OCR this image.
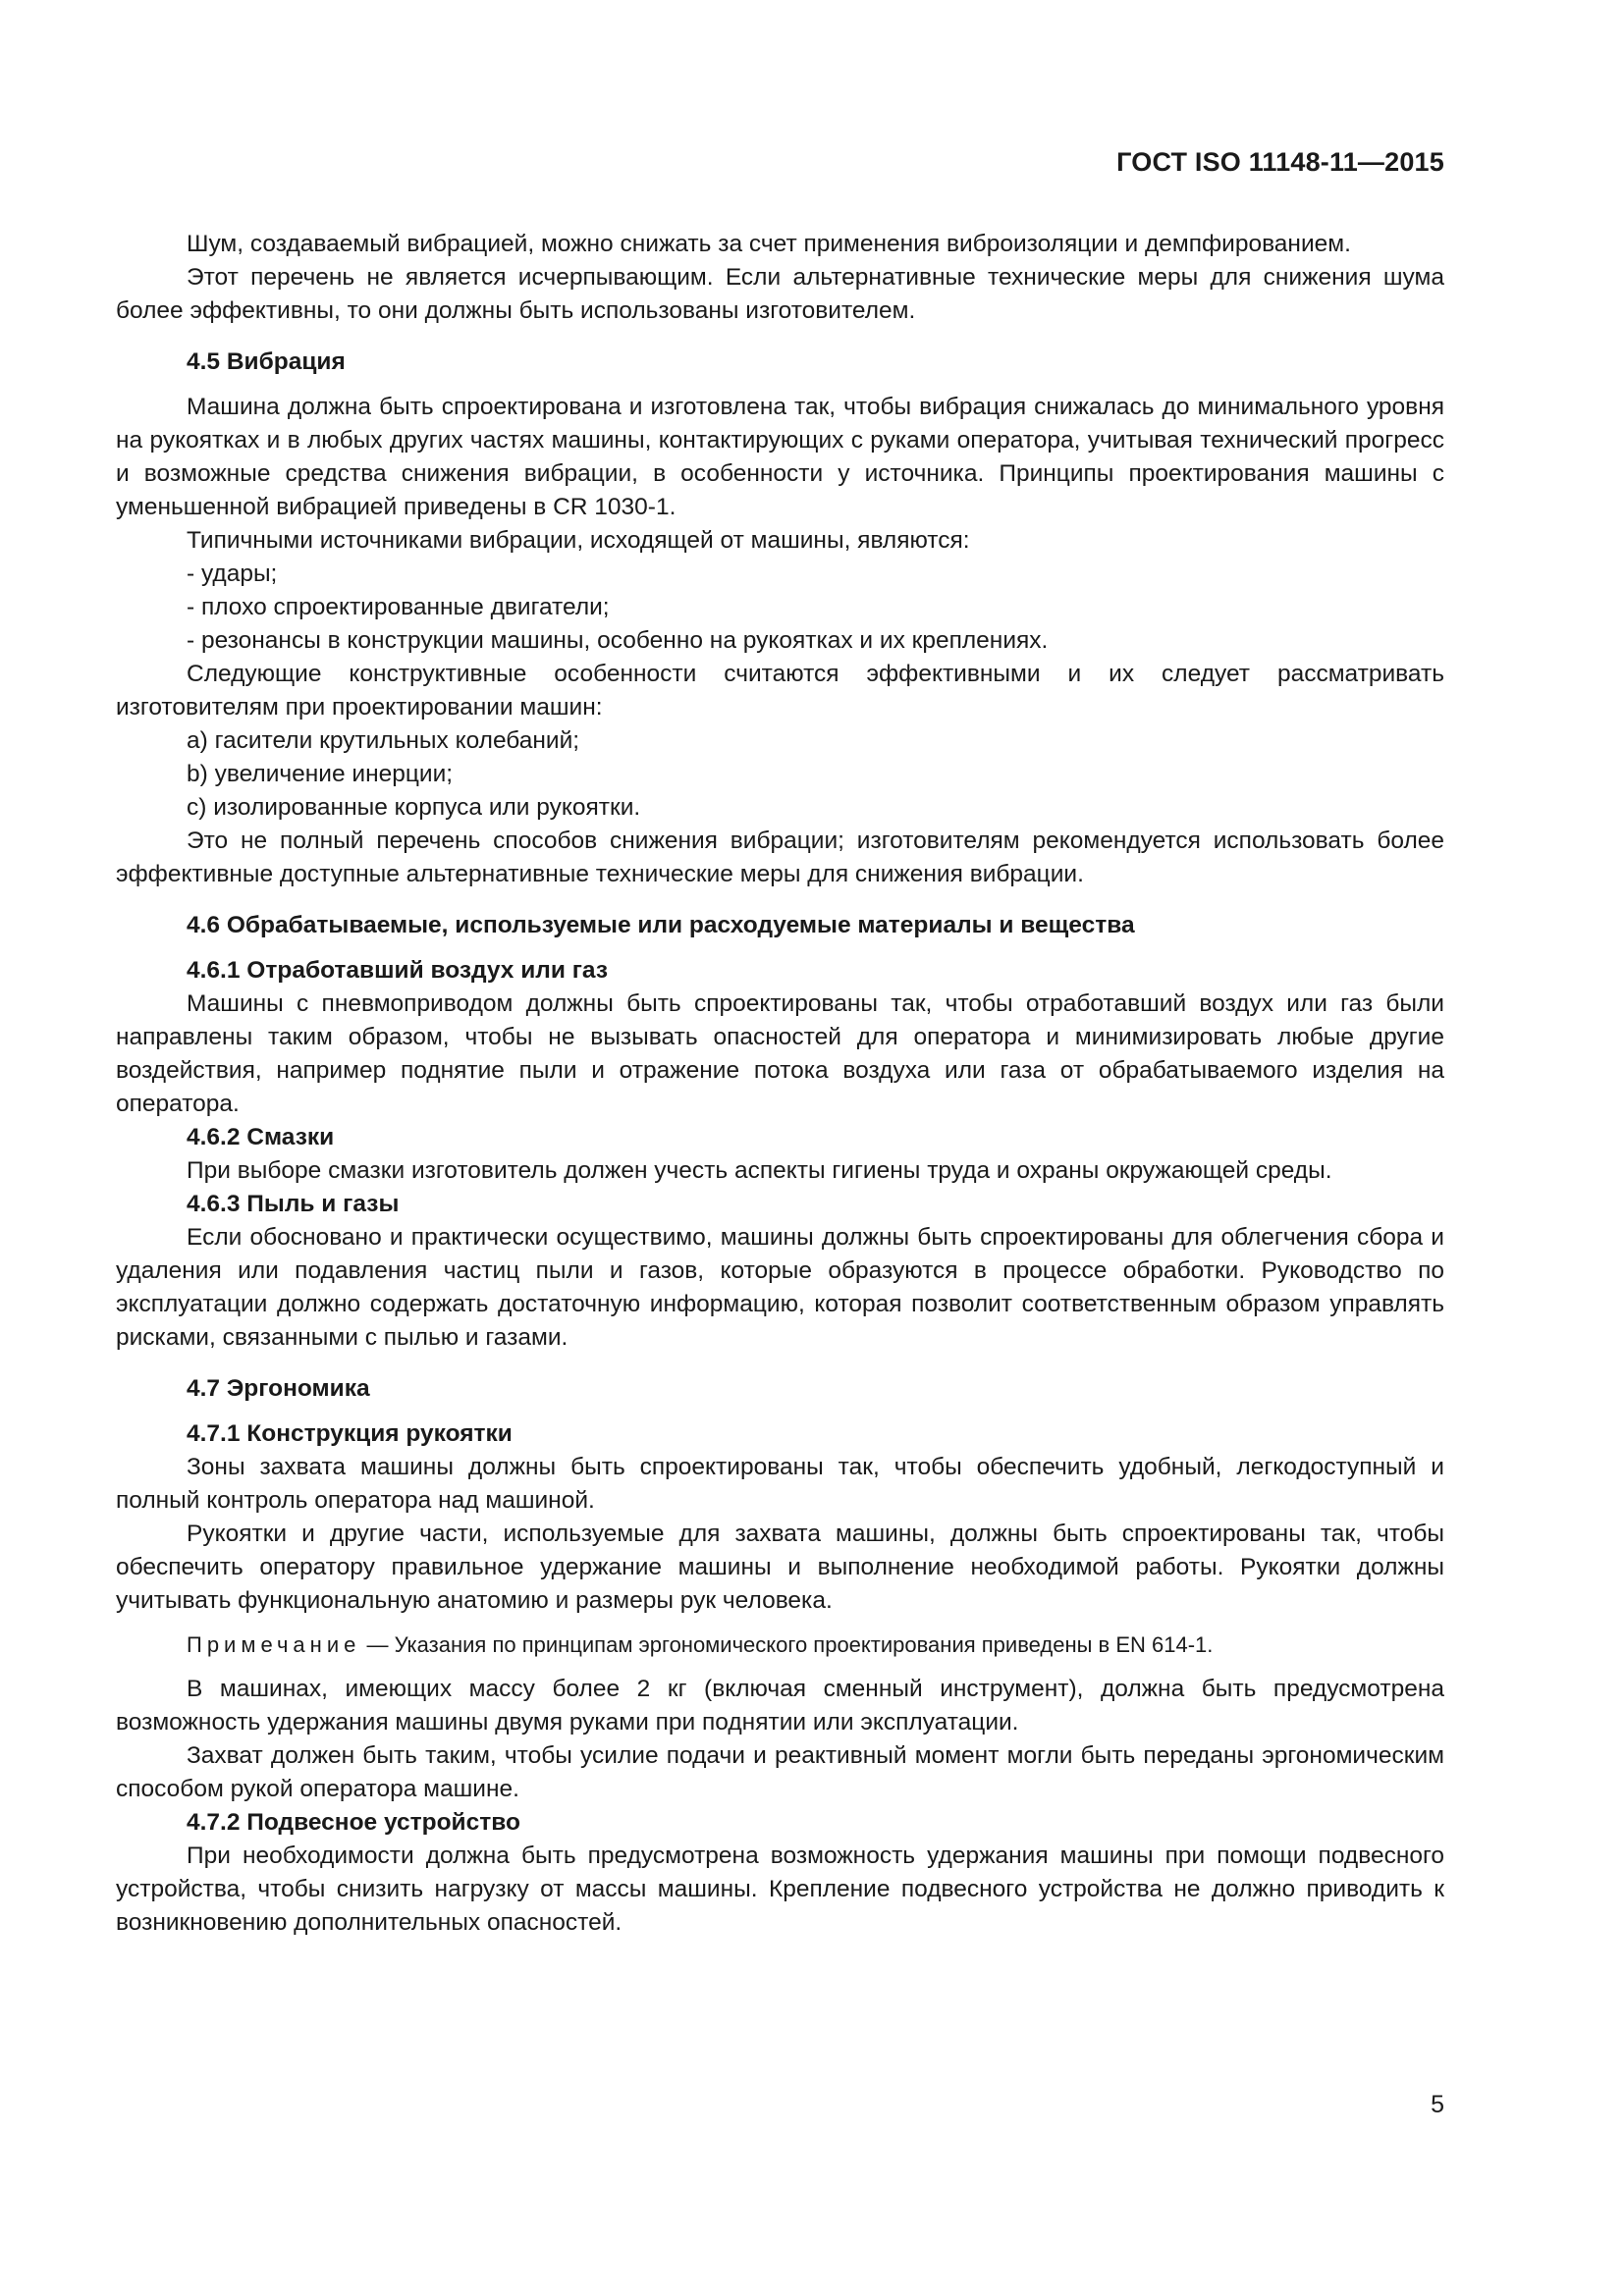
ГОСТ ISO 11148-11—2015

Шум, создаваемый вибрацией, можно снижать за счет применения виброизоляции и демпфированием.

Этот перечень не является исчерпывающим. Если альтернативные технические меры для снижения шума более эффективны, то они должны быть использованы изготовителем.

4.5 Вибрация

Машина должна быть спроектирована и изготовлена так, чтобы вибрация снижалась до минимального уровня на рукоятках и в любых других частях машины, контактирующих с руками оператора, учитывая технический прогресс и возможные средства снижения вибрации, в особенности у источника. Принципы проектирования машины с уменьшенной вибрацией приведены в CR 1030-1.

Типичными источниками вибрации, исходящей от машины, являются:

- удары;

- плохо спроектированные двигатели;

- резонансы в конструкции машины, особенно на рукоятках и их креплениях.

Следующие конструктивные особенности считаются эффективными и их следует рассматривать изготовителям при проектировании машин:

a) гасители крутильных колебаний;

b) увеличение инерции;

c) изолированные корпуса или рукоятки.

Это не полный перечень способов снижения вибрации; изготовителям рекомендуется использовать более эффективные доступные альтернативные технические меры для снижения вибрации.

4.6 Обрабатываемые, используемые или расходуемые материалы и вещества
4.6.1 Отработавший воздух или газ

Машины с пневмоприводом должны быть спроектированы так, чтобы отработавший воздух или газ были направлены таким образом, чтобы не вызывать опасностей для оператора и минимизировать любые другие воздействия, например поднятие пыли и отражение потока воздуха или газа от обрабатываемого изделия на оператора.

4.6.2 Смазки

При выборе смазки изготовитель должен учесть аспекты гигиены труда и охраны окружающей среды.

4.6.3 Пыль и газы

Если обосновано и практически осуществимо, машины должны быть спроектированы для облегчения сбора и удаления или подавления частиц пыли и газов, которые образуются в процессе обработки. Руководство по эксплуатации должно содержать достаточную информацию, которая позволит соответственным образом управлять рисками, связанными с пылью и газами.

4.7 Эргономика
4.7.1 Конструкция рукоятки

Зоны захвата машины должны быть спроектированы так, чтобы обеспечить удобный, легкодоступный и полный контроль оператора над машиной.

Рукоятки и другие части, используемые для захвата машины, должны быть спроектированы так, чтобы обеспечить оператору правильное удержание машины и выполнение необходимой работы. Рукоятки должны учитывать функциональную анатомию и размеры рук человека.

Примечание — Указания по принципам эргономического проектирования приведены в EN 614-1.

В машинах, имеющих массу более 2 кг (включая сменный инструмент), должна быть предусмотрена возможность удержания машины двумя руками при поднятии или эксплуатации.

Захват должен быть таким, чтобы усилие подачи и реактивный момент могли быть переданы эргономическим способом рукой оператора машине.

4.7.2 Подвесное устройство

При необходимости должна быть предусмотрена возможность удержания машины при помощи подвесного устройства, чтобы снизить нагрузку от массы машины. Крепление подвесного устройства не должно приводить к возникновению дополнительных опасностей.

5
